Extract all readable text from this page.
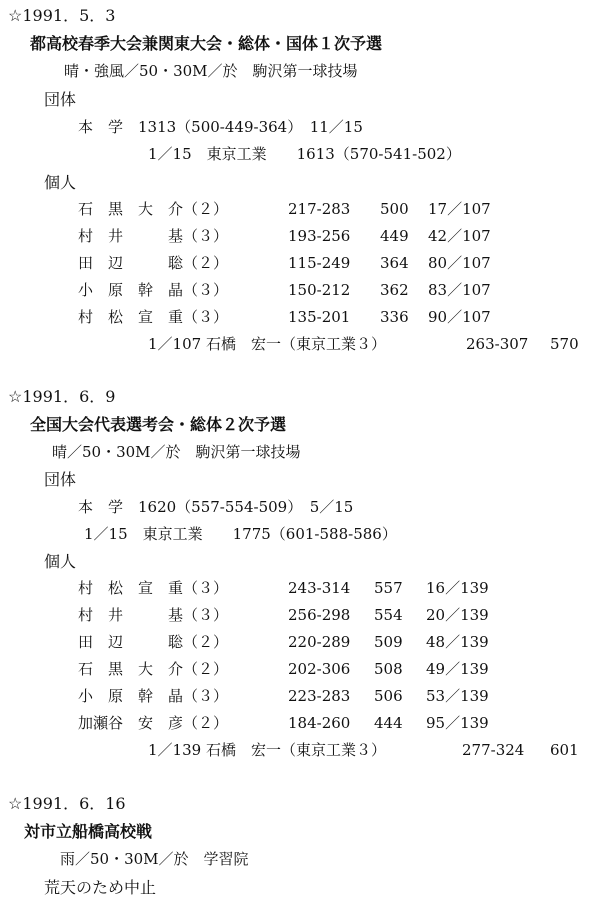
☆1991．5．3
都高校春季大会兼関東大会・総体・国体１次予選
晴・強風／50・30M／於　駒沢第一球技場
団体
本　学　1313（500-449-364）　11／15
1／15　東京工業　　1613（570-541-502）
個人
石　黒　大　介（２）	217-283 500 17／107
村　井　　　基（３）	193-256 449 42／107
田　辺　　　聡（２）	115-249 364 80／107
小　原　幹　晶（３）	150-212 362 83／107
村　松　宣　重（３）	135-201 336 90／107
1／107 石橋　宏一（東京工業３）	263-307 570
☆1991．6．9
全国大会代表選考会・総体２次予選
晴／50・30M／於　駒沢第一球技場
団体
本　学　1620（557-554-509）　5／15
1／15　東京工業　　1775（601-588-586）
個人
村　松　宣　重（３）	243-314 557 16／139
村　井　　　基（３）	256-298 554 20／139
田　辺　　　聡（２）	220-289 509 48／139
石　黒　大　介（２）	202-306 508 49／139
小　原　幹　晶（３）	223-283 506 53／139
加瀬谷　安　彦（２）	184-260 444 95／139
1／139 石橋　宏一（東京工業３）	277-324 601
☆1991．6．16
対市立船橋高校戦
雨／50・30M／於　学習院
荒天のため中止
